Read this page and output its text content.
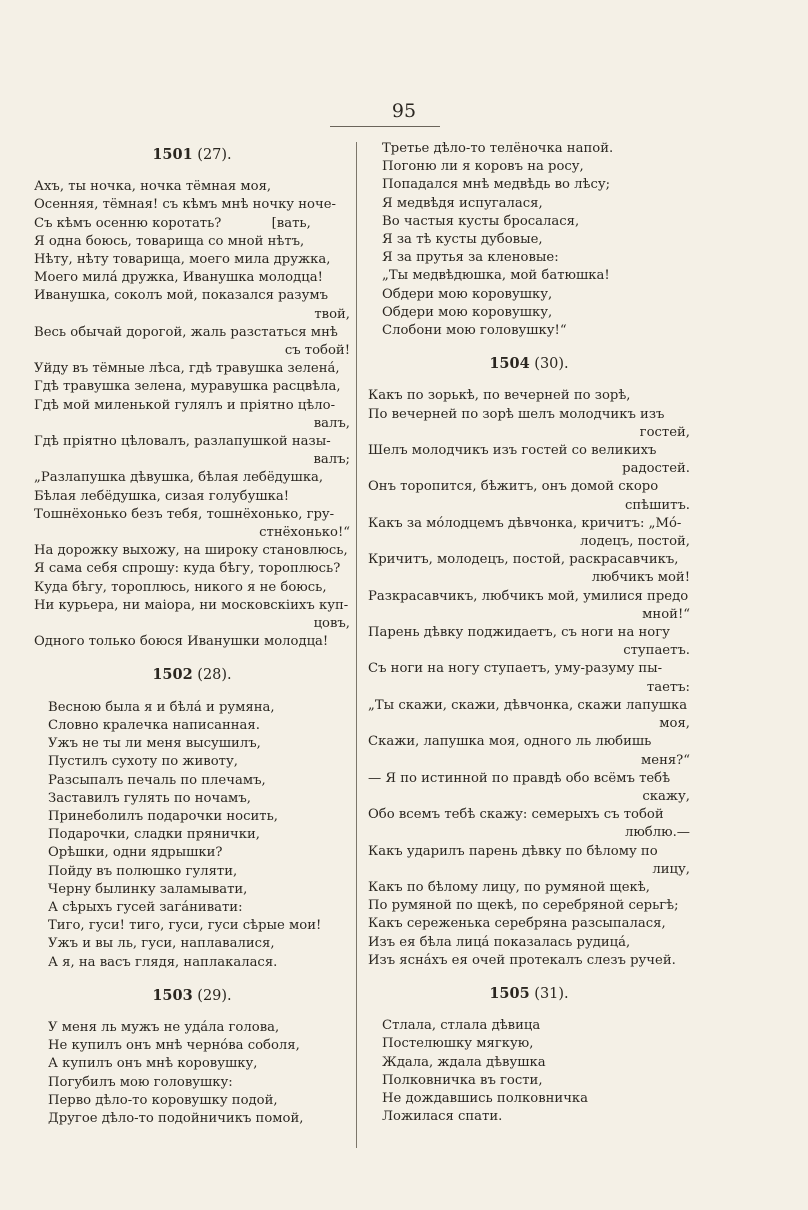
95
1501 (27).
Ахъ, ты ночка, ночка тёмная моя,
Осенняя, тёмная! съ кѣмъ мнѣ ночку ноче-
Съ кѣмъ осенню коротать?            [вать,
Я одна боюсь, товарища со мной нѣтъ,
Нѣту, нѣту товарища, моего мила дружка,
Моего милá дружка, Иванушка молодца!
Иванушка, соколъ мой, показался разумъ
твой,
Весь обычай дорогой, жаль разстаться мнѣ
съ тобой!
Уйду въ тёмные лѣса, гдѣ травушка зеленá,
Гдѣ травушка зелена, муравушка расцвѣла,
Гдѣ мой миленькой гулялъ и пріятно цѣло-
валъ,
Гдѣ пріятно цѣловалъ, разлапушкой назы-
валъ;
„Разлапушка дѣвушка, бѣлая лебёдушка,
Бѣлая лебёдушка, сизая голубушка!
Тошнёхонько безъ тебя, тошнёхонько, гру-
стнёхонько!“
На дорожку выхожу, на широку становлюсь,
Я сама себя спрошу: куда бѣгу, тороплюсь?
Куда бѣгу, тороплюсь, никого я не боюсь,
Ни курьера, ни маіора, ни московскіихъ куп-
цовъ,
Одного только боюся Иванушки молодца!
1502 (28).
Весною была я и бѣлá и румяна,
Словно кралечка написанная.
Ужъ не ты ли меня высушилъ,
Пустилъ сухоту по животу,
Разсыпалъ печаль по плечамъ,
Заставилъ гулять по ночамъ,
Принеболилъ подарочки носить,
Подарочки, сладки прянички,
Орѣшки, одни ядрышки?
Пойду въ полюшко гуляти,
Черну былинку заламывати,
А сѣрыхъ гусей загáнивати:
Тиго, гуси! тиго, гуси, гуси сѣрые мои!
Ужъ и вы ль, гуси, наплавалися,
А я, на васъ глядя, наплакалася.
1503 (29).
У меня ль мужъ не удáла голова,
Не купилъ онъ мнѣ чернóва соболя,
А купилъ онъ мнѣ коровушку,
Погубилъ мою головушку:
Перво дѣло-то коровушку подой,
Другое дѣло-то подойничикъ помой,
Третье дѣло-то телёночка напой.
Погоню ли я коровъ на росу,
Попадался мнѣ медвѣдь во лѣсу;
Я медвѣдя испугалася,
Во частыя кусты бросалася,
Я за тѣ кусты дубовые,
Я за прутья за кленовые:
„Ты медвѣдюшка, мой батюшка!
Обдери мою коровушку,
Обдери мою коровушку,
Слобони мою головушку!“
1504 (30).
Какъ по зорькѣ, по вечерней по зорѣ,
По вечерней по зорѣ шелъ молодчикъ изъ
гостей,
Шелъ молодчикъ изъ гостей со великихъ
радостей.
Онъ торопится, бѣжитъ, онъ домой скоро
спѣшитъ.
Какъ за мóлодцемъ дѣвчонка, кричитъ: „Мó-
лодецъ, постой,
Кричитъ, молодецъ, постой, раскрасавчикъ,
любчикъ мой!
Разкрасавчикъ, любчикъ мой, умилися предо
мной!“
Парень дѣвку поджидаетъ, съ ноги на ногу
ступаетъ.
Съ ноги на ногу ступаетъ, уму-разуму пы-
таетъ:
„Ты скажи, скажи, дѣвчонка, скажи лапушка
моя,
Скажи, лапушка моя, одного ль любишь
меня?“
— Я по истинной по правдѣ обо всёмъ тебѣ
скажу,
Обо всемъ тебѣ скажу: семерыхъ съ тобой
люблю.—
Какъ ударилъ парень дѣвку по бѣлому по
лицу,
Какъ по бѣлому лицу, по румяной щекѣ,
По румяной по щекѣ, по серебряной серьгѣ;
Какъ сереженька серебряна разсыпалася,
Изъ ея бѣла лицá показалась рудицá,
Изъ яснáхъ ея очей протекалъ слезъ ручей.
1505 (31).
Стлала, стлала дѣвица
Постелюшку мягкую,
Ждала, ждала дѣвушка
Полковничка въ гости,
Не дождавшись полковничка
Ложилася спати.
